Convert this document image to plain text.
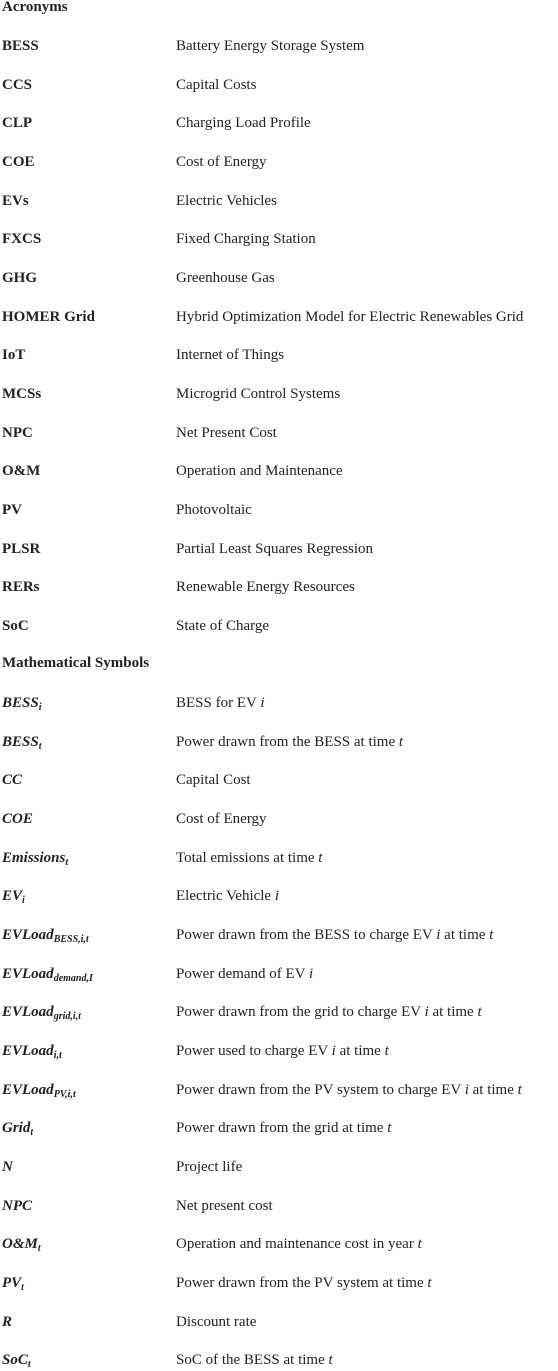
Acronyms
BESS	Battery Energy Storage System
CCS	Capital Costs
CLP	Charging Load Profile
COE	Cost of Energy
EVs	Electric Vehicles
FXCS	Fixed Charging Station
GHG	Greenhouse Gas
HOMER Grid	Hybrid Optimization Model for Electric Renewables Grid
IoT	Internet of Things
MCSs	Microgrid Control Systems
NPC	Net Present Cost
O&M	Operation and Maintenance
PV	Photovoltaic
PLSR	Partial Least Squares Regression
RERs	Renewable Energy Resources
SoC	State of Charge
Mathematical Symbols
$BESS_i$	BESS for EV i
$BESS_t$	Power drawn from the BESS at time t
CC	Capital Cost
COE	Cost of Energy
Emissions$_t$	Total emissions at time t
$EV_i$	Electric Vehicle i
EVLoad$_{BESS,i,t}$	Power drawn from the BESS to charge EV i at time t
EVLoad$_{demand,I}$	Power demand of EV i
EVLoad$_{grid,i,t}$	Power drawn from the grid to charge EV i at time t
EVLoad$_{i,t}$	Power used to charge EV i at time t
EVLoad$_{PV,i,t}$	Power drawn from the PV system to charge EV i at time t
Grid$_t$	Power drawn from the grid at time t
N	Project life
NPC	Net present cost
$O\&M_t$	Operation and maintenance cost in year t
$PV_t$	Power drawn from the PV system at time t
R	Discount rate
SoC$_t$	SoC of the BESS at time t
